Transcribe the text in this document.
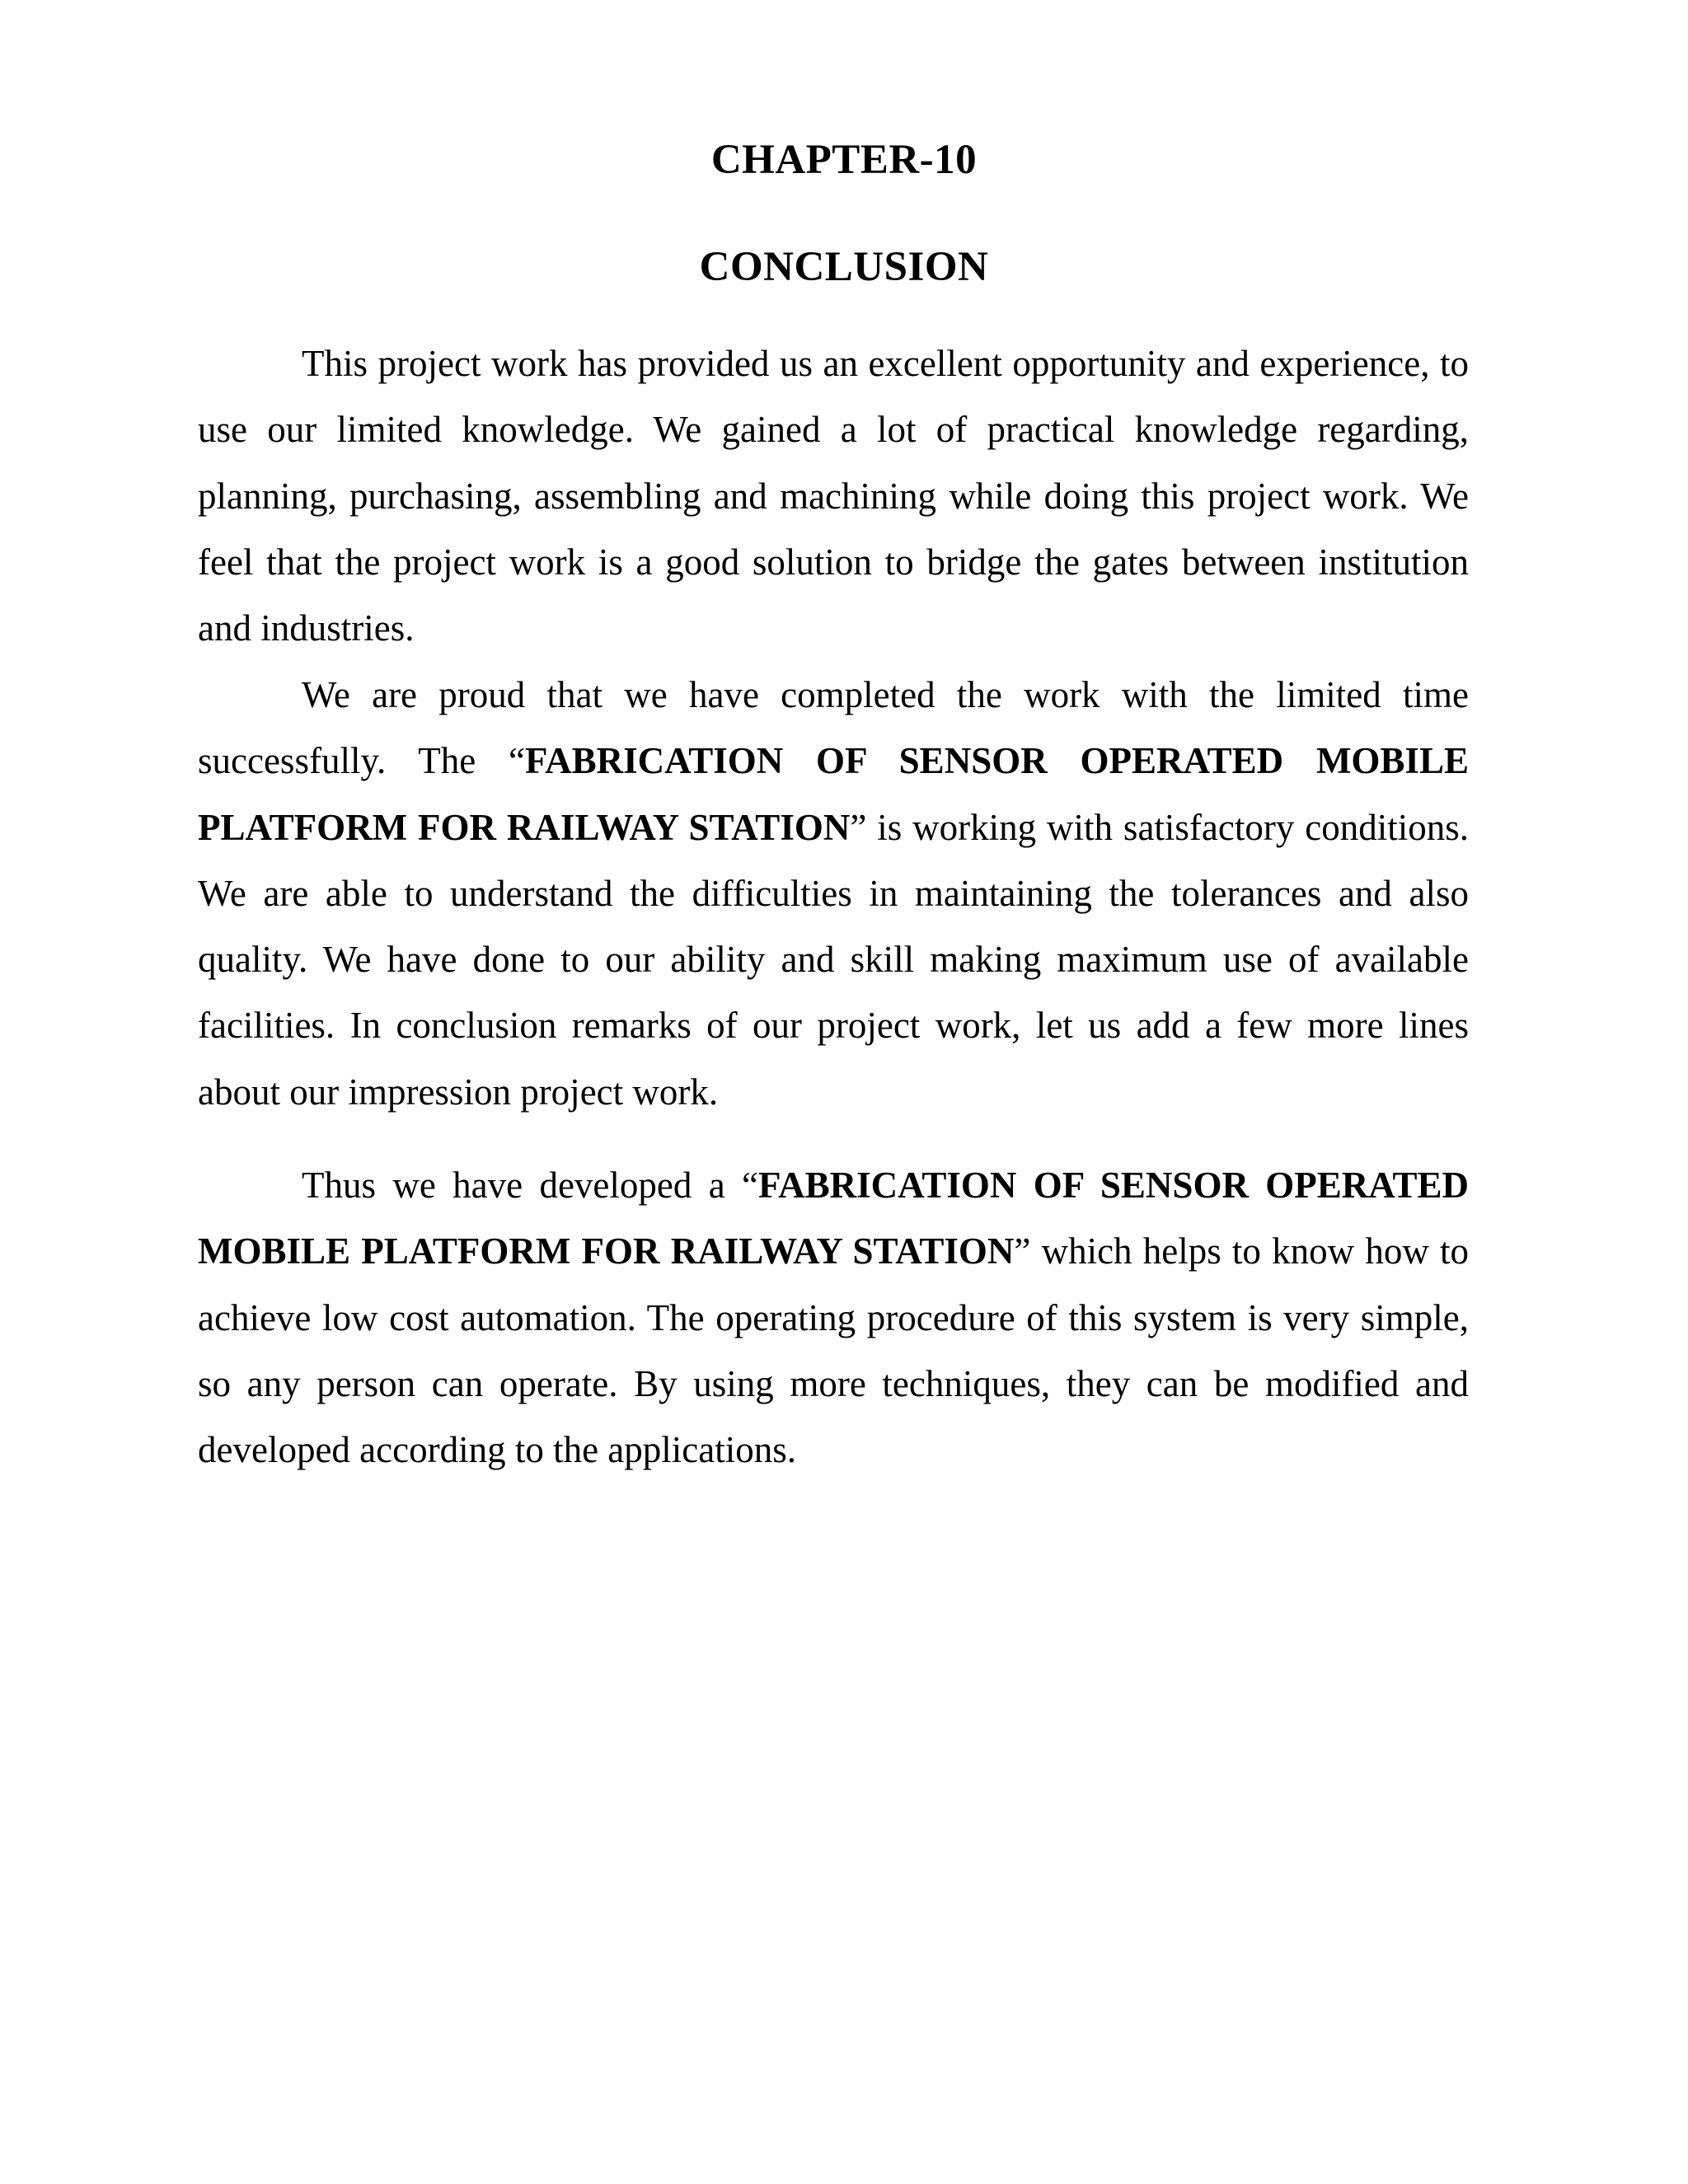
CHAPTER-10
CONCLUSION

This project work has provided us an excellent opportunity and experience, to use our limited knowledge. We gained a lot of practical knowledge regarding, planning, purchasing, assembling and machining while doing this project work. We feel that the project work is a good solution to bridge the gates between institution and industries.

We are proud that we have completed the work with the limited time successfully. The “FABRICATION OF SENSOR OPERATED MOBILE PLATFORM FOR RAILWAY STATION” is working with satisfactory conditions. We are able to understand the difficulties in maintaining the tolerances and also quality. We have done to our ability and skill making maximum use of available facilities. In conclusion remarks of our project work, let us add a few more lines about our impression project work.

Thus we have developed a “FABRICATION OF SENSOR OPERATED MOBILE PLATFORM FOR RAILWAY STATION” which helps to know how to achieve low cost automation. The operating procedure of this system is very simple, so any person can operate. By using more techniques, they can be modified and developed according to the applications.
